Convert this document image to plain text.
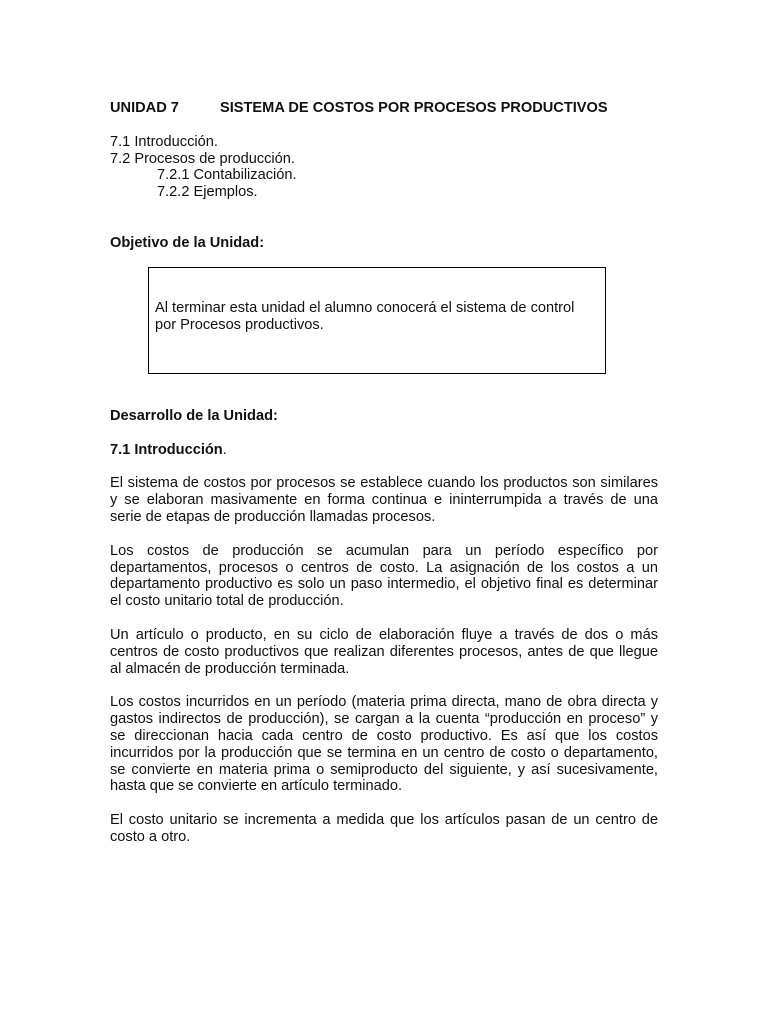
UNIDAD 7	SISTEMA DE COSTOS POR PROCESOS PRODUCTIVOS
7.1 Introducción.
7.2 Procesos de producción.
7.2.1 Contabilización.
7.2.2 Ejemplos.
Objetivo de la Unidad:
Al terminar esta unidad el alumno conocerá el sistema de control por Procesos productivos.
Desarrollo de la Unidad:
7.1 Introducción.

El sistema de costos por procesos se establece cuando los productos son similares y se elaboran masivamente en forma continua e ininterrumpida a través de una serie de etapas de producción llamadas procesos.

Los costos de producción se acumulan para un período específico por departamentos, procesos o centros de costo. La asignación de los costos a un departamento productivo es solo un paso intermedio, el objetivo final es determinar el costo unitario total de producción.

Un artículo o producto, en su ciclo de elaboración fluye a través de dos o más centros de costo productivos que realizan diferentes procesos, antes de que llegue al almacén de producción terminada.

Los costos incurridos en un período (materia prima directa, mano de obra directa y gastos indirectos de producción), se cargan a la cuenta “producción en proceso” y se direccionan hacia cada centro de costo productivo. Es así que los costos incurridos por la producción que se termina en un centro de costo o departamento, se convierte en materia prima o semiproducto del siguiente, y así sucesivamente, hasta que se convierte en artículo terminado.

El costo unitario se incrementa a medida que los artículos pasan de un centro de costo a otro.
